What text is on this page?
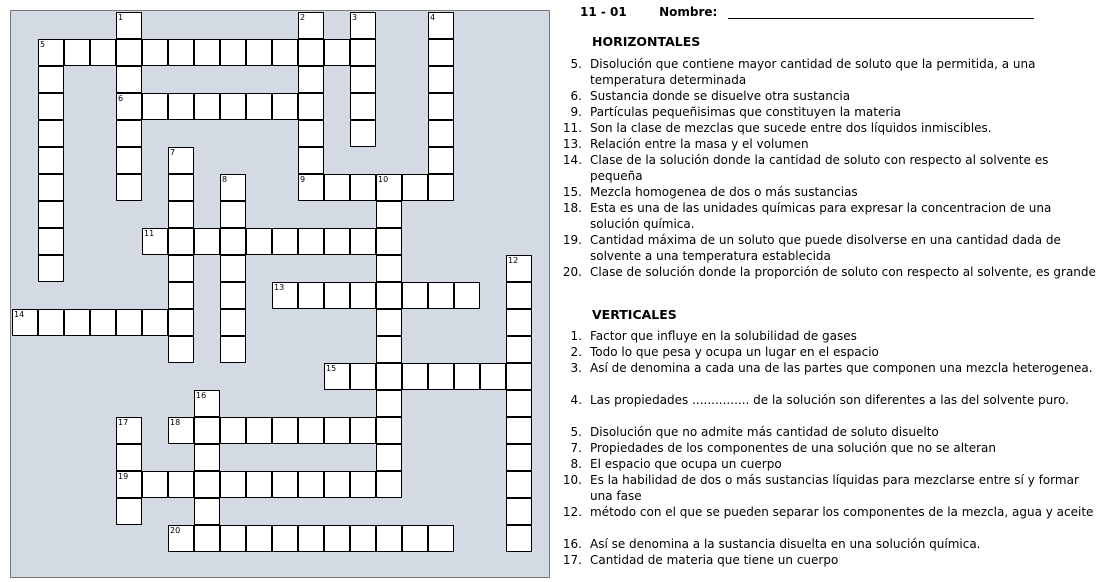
1
6
2
9
3	4
5
7
8	10
11
12
13
14
15
16
17
19
18
20
11 - 01	Nombre:
HORIZONTALES
5. Disolución que contiene mayor cantidad de soluto que la permitida, a una temperatura determinada
6. Sustancia donde se disuelve otra sustancia
9. Partículas pequeñisimas que constituyen la materia
11. Son la clase de mezclas que sucede entre dos líquidos inmiscibles.
13. Relación entre la masa y el volumen
14. Clase de la solución donde la cantidad de soluto con respecto al solvente es pequeña
15. Mezcla homogenea de dos o más sustancias
18. Esta es una de las unidades químicas para expresar la concentracion de una solución química.
19. Cantidad máxima de un soluto que puede disolverse en una cantidad dada de solvente a una temperatura establecida
20. Clase de solución donde la proporción de soluto con respecto al solvente, es grande
VERTICALES
1. Factor que influye en la solubilidad de gases
2. Todo lo que pesa y ocupa un lugar en el espacio
3. Así de denomina a cada una de las partes que componen una mezcla heterogenea.
4. Las propiedades ............... de la solución son diferentes a las del solvente puro.
5. Disolución que no admite más cantidad de soluto disuelto
7. Propiedades de los componentes de una solución que no se alteran
8. El espacio que ocupa un cuerpo
10. Es la habilidad de dos o más sustancias líquidas para mezclarse entre sí y formar una fase
12. método con el que se pueden separar los componentes de la mezcla, agua y aceite
16. Así se denomina a la sustancia disuelta en una solución química.
17. Cantidad de materia que tiene un cuerpo
